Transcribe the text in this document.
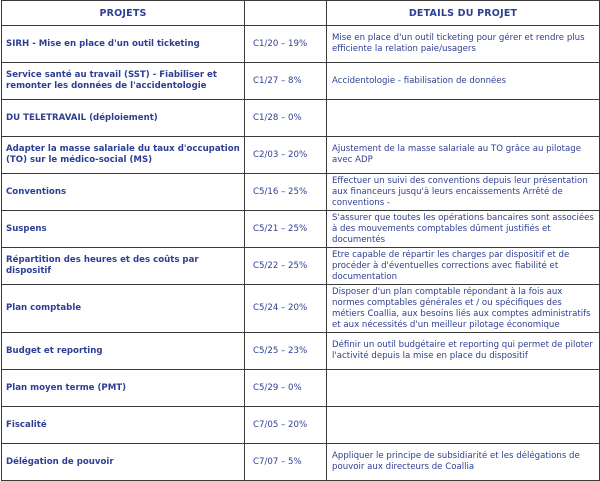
PROJETS		DETAILS DU PROJET
SIRH - Mise en place d'un outil ticketing	C1/20 – 19%	Mise en place d'un outil ticketing pour gérer et rendre plus efficiente la relation paie/usagers
Service santé au travail (SST) - Fiabiliser et remonter les données de l'accidentologie	C1/27 – 8%	Accidentologie - fiabilisation de données
DU TELETRAVAIL (déploiement)	C1/28 – 0%	
Adapter la masse salariale du taux d'occupation (TO) sur le médico-social (MS)	C2/03 – 20%	Ajustement de la masse salariale au TO grâce au pilotage avec ADP
Conventions	C5/16 – 25%	Effectuer un suivi des conventions depuis leur présentation aux financeurs jusqu'à leurs encaissements Arrêté de conventions -
Suspens	C5/21 – 25%	S'assurer que toutes les opérations bancaires sont associées à des mouvements comptables dûment justifiés et documentés
Répartition des heures et des coûts par dispositif	C5/22 – 25%	Etre capable de répartir les charges par dispositif et de procéder à d'éventuelles corrections avec fiabilité et documentation
Plan comptable	C5/24 – 20%	Disposer d'un plan comptable répondant à la fois aux normes comptables générales et / ou spécifiques des métiers Coallia, aux besoins liés aux comptes administratifs et aux nécessités d'un meilleur pilotage économique
Budget et reporting	C5/25 – 23%	Définir un outil budgétaire et reporting qui permet de piloter l'activité depuis la mise en place du dispositif
Plan moyen terme (PMT)	C5/29 – 0%	
Fiscalité	C7/05 – 20%	
Délégation de pouvoir	C7/07 – 5%	Appliquer le principe de subsidiarité et les délégations de pouvoir aux directeurs de Coallia
